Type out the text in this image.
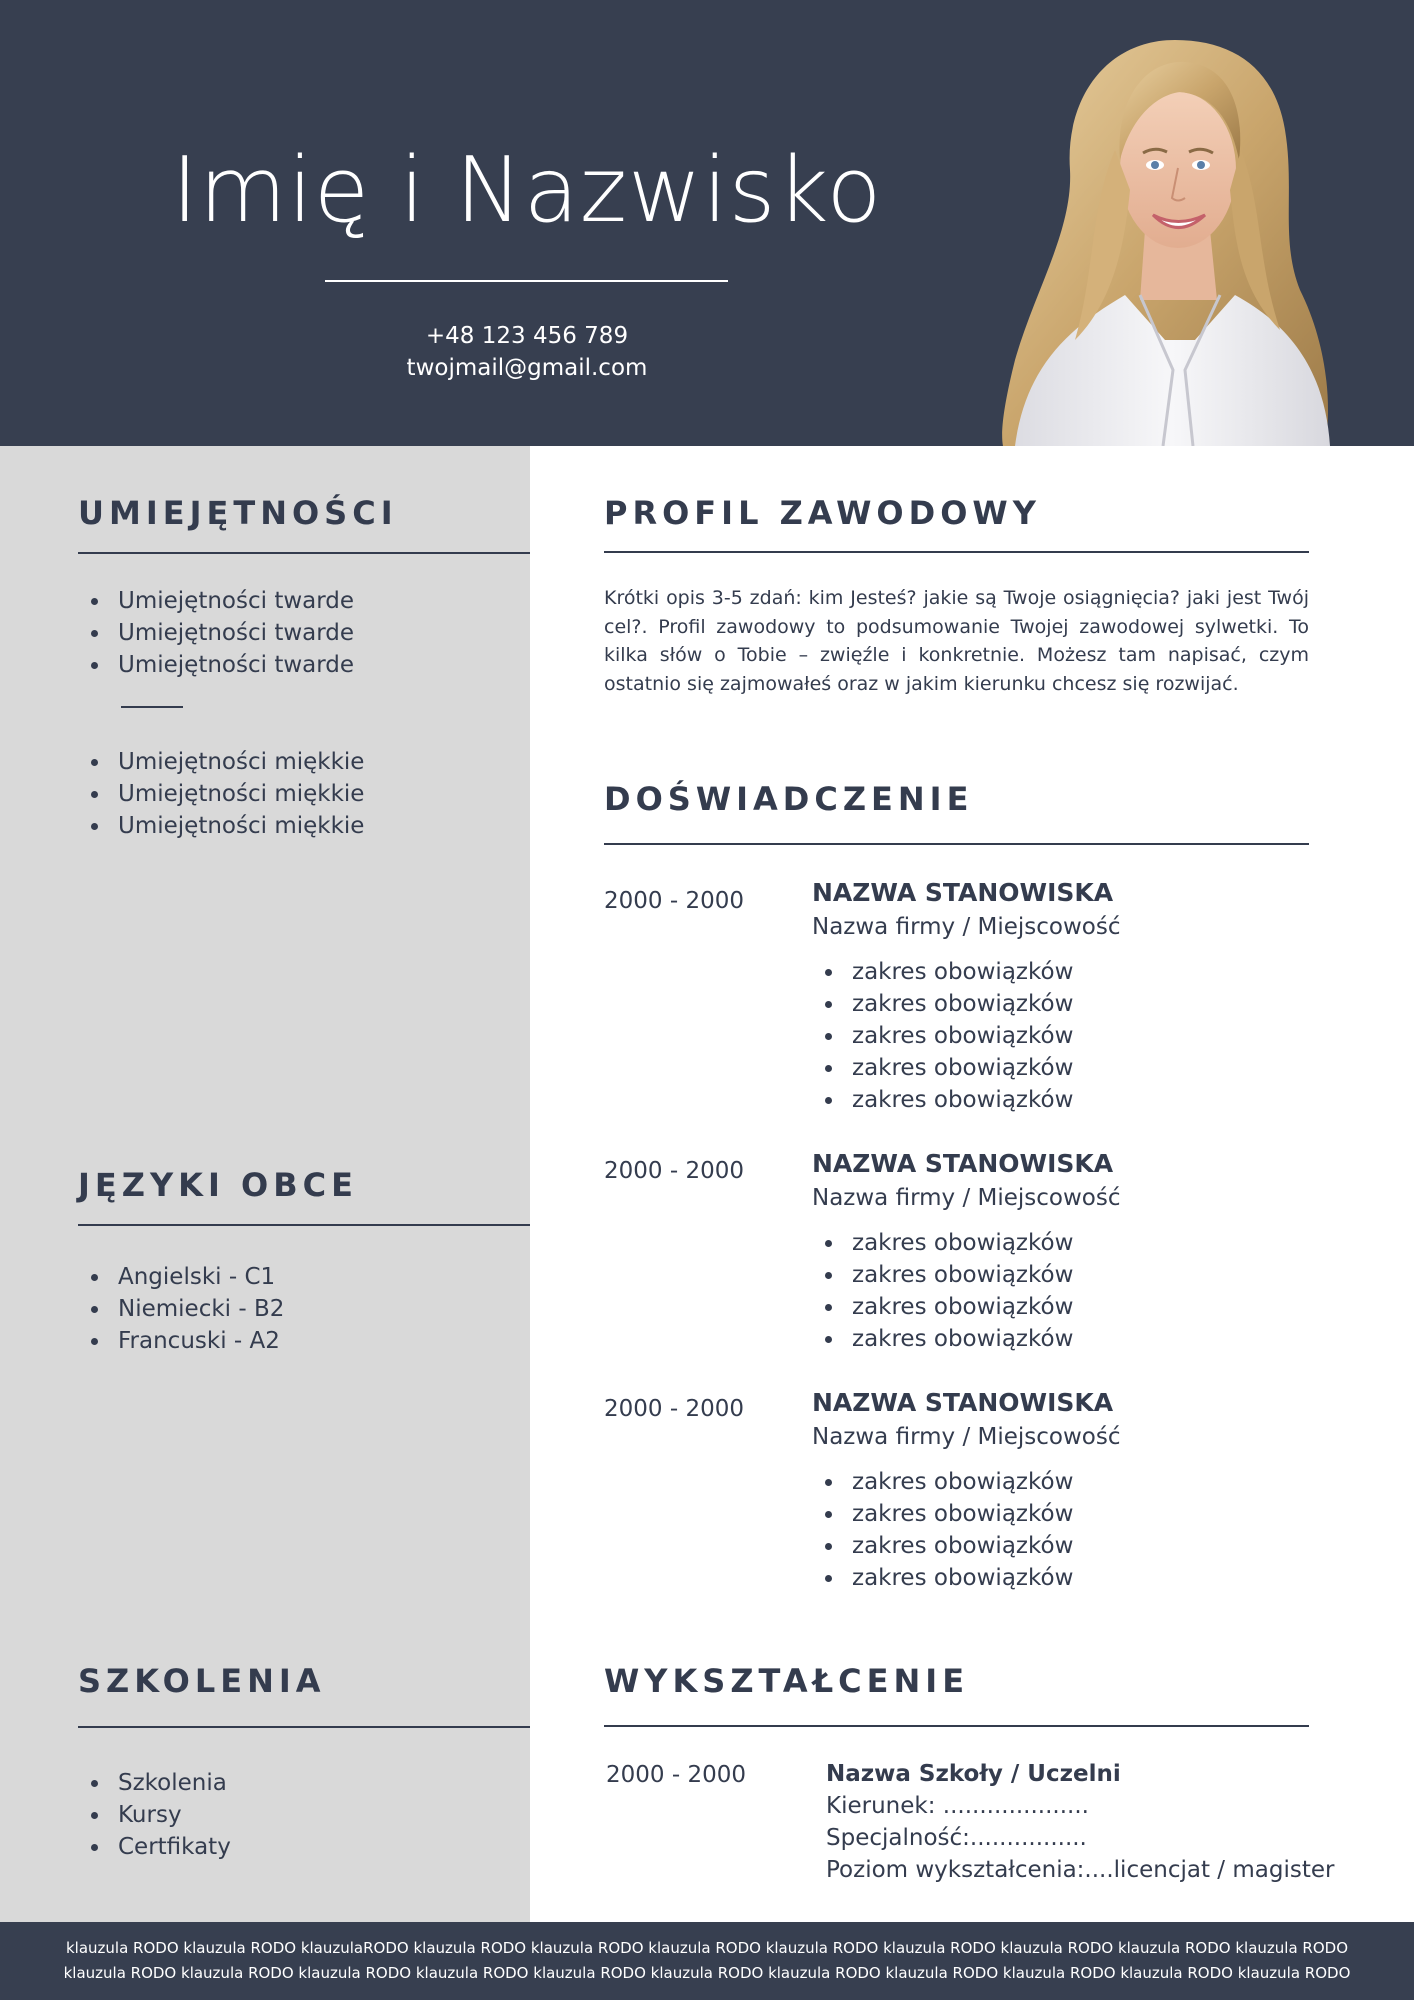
Imię i Nazwisko
+48 123 456 789
twojmail@gmail.com
UMIEJĘTNOŚCI
Umiejętności twarde
Umiejętności twarde
Umiejętności twarde
Umiejętności miękkie
Umiejętności miękkie
Umiejętności miękkie
JĘZYKI OBCE
Angielski - C1
Niemiecki - B2
Francuski - A2
SZKOLENIA
Szkolenia
Kursy
Certfikaty
PROFIL ZAWODOWY
Krótki opis 3-5 zdań: kim Jesteś? jakie są Twoje osiągnięcia? jaki jest Twój cel?. Profil zawodowy to podsumowanie Twojej zawodowej sylwetki. To kilka słów o Tobie – zwięźle i konkretnie. Możesz tam napisać, czym ostatnio się zajmowałeś oraz w jakim kierunku chcesz się rozwijać.
DOŚWIADCZENIE
2000 - 2000	NAZWA STANOWISKA
Nazwa firmy / Miejscowość
zakres obowiązków
zakres obowiązków
zakres obowiązków
zakres obowiązków
zakres obowiązków
2000 - 2000	NAZWA STANOWISKA
Nazwa firmy / Miejscowość
zakres obowiązków
zakres obowiązków
zakres obowiązków
zakres obowiązków
2000 - 2000	NAZWA STANOWISKA
Nazwa firmy / Miejscowość
zakres obowiązków
zakres obowiązków
zakres obowiązków
zakres obowiązków
WYKSZTAŁCENIE
2000 - 2000	Nazwa Szkoły / Uczelni
Kierunek: ....................
Specjalność:................
Poziom wykształcenia:....licencjat / magister
klauzula RODO klauzula RODO klauzulaRODO klauzula RODO klauzula RODO klauzula RODO klauzula RODO klauzula RODO klauzula RODO klauzula RODO klauzula RODO klauzula RODO klauzula RODO klauzula RODO klauzula RODO klauzula RODO klauzula RODO klauzula RODO klauzula RODO klauzula RODO klauzula RODO klauzula RODO
